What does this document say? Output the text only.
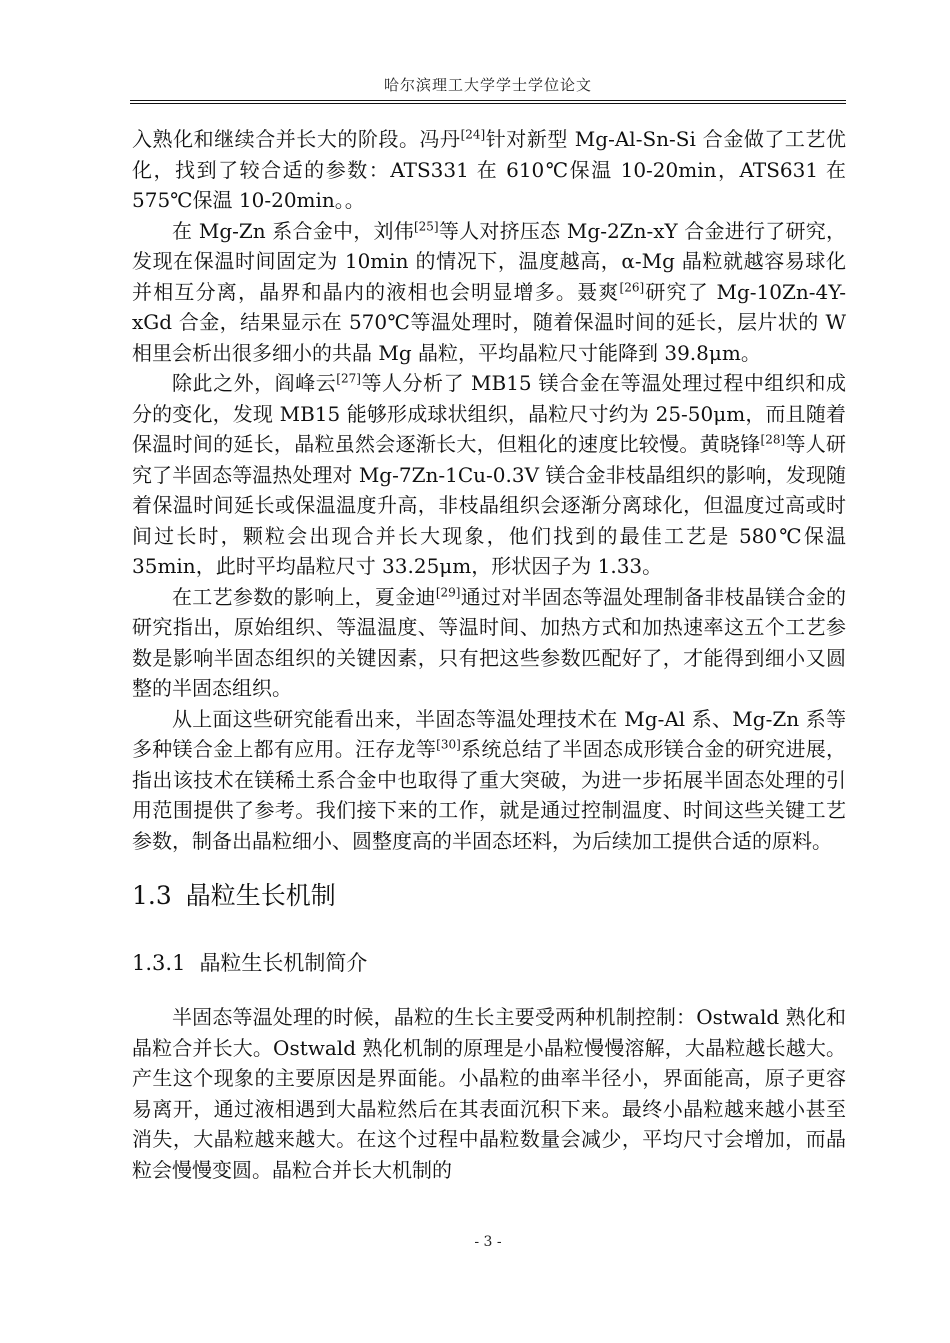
哈尔滨理工大学学士学位论文

入熟化和继续合并长大的阶段。冯丹[24]针对新型 Mg-Al-Sn-Si 合金做了工艺优化，找到了较合适的参数：ATS331 在 610℃保温 10-20min，ATS631 在 575℃保温 10-20min。。

在 Mg-Zn 系合金中，刘伟[25]等人对挤压态 Mg-2Zn-xY 合金进行了研究，发现在保温时间固定为 10min 的情况下，温度越高，α-Mg 晶粒就越容易球化并相互分离，晶界和晶内的液相也会明显增多。聂爽[26]研究了 Mg-10Zn-4Y-xGd 合金，结果显示在 570℃等温处理时，随着保温时间的延长，层片状的 W 相里会析出很多细小的共晶 Mg 晶粒，平均晶粒尺寸能降到 39.8μm。

除此之外，阎峰云[27]等人分析了 MB15 镁合金在等温处理过程中组织和成分的变化，发现 MB15 能够形成球状组织，晶粒尺寸约为 25-50μm，而且随着保温时间的延长，晶粒虽然会逐渐长大，但粗化的速度比较慢。黄晓锋[28]等人研究了半固态等温热处理对 Mg-7Zn-1Cu-0.3V 镁合金非枝晶组织的影响，发现随着保温时间延长或保温温度升高，非枝晶组织会逐渐分离球化，但温度过高或时间过长时，颗粒会出现合并长大现象，他们找到的最佳工艺是 580℃保温 35min，此时平均晶粒尺寸 33.25μm，形状因子为 1.33。

在工艺参数的影响上，夏金迪[29]通过对半固态等温处理制备非枝晶镁合金的研究指出，原始组织、等温温度、等温时间、加热方式和加热速率这五个工艺参数是影响半固态组织的关键因素，只有把这些参数匹配好了，才能得到细小又圆整的半固态组织。

从上面这些研究能看出来，半固态等温处理技术在 Mg-Al 系、Mg-Zn 系等多种镁合金上都有应用。汪存龙等[30]系统总结了半固态成形镁合金的研究进展，指出该技术在镁稀土系合金中也取得了重大突破，为进一步拓展半固态处理的引用范围提供了参考。我们接下来的工作，就是通过控制温度、时间这些关键工艺参数，制备出晶粒细小、圆整度高的半固态坯料，为后续加工提供合适的原料。

1.3 晶粒生长机制
1.3.1 晶粒生长机制简介

半固态等温处理的时候，晶粒的生长主要受两种机制控制：Ostwald 熟化和晶粒合并长大。Ostwald 熟化机制的原理是小晶粒慢慢溶解，大晶粒越长越大。产生这个现象的主要原因是界面能。小晶粒的曲率半径小，界面能高，原子更容易离开，通过液相遇到大晶粒然后在其表面沉积下来。最终小晶粒越来越小甚至消失，大晶粒越来越大。在这个过程中晶粒数量会减少，平均尺寸会增加，而晶粒会慢慢变圆。晶粒合并长大机制的

- 3 -
